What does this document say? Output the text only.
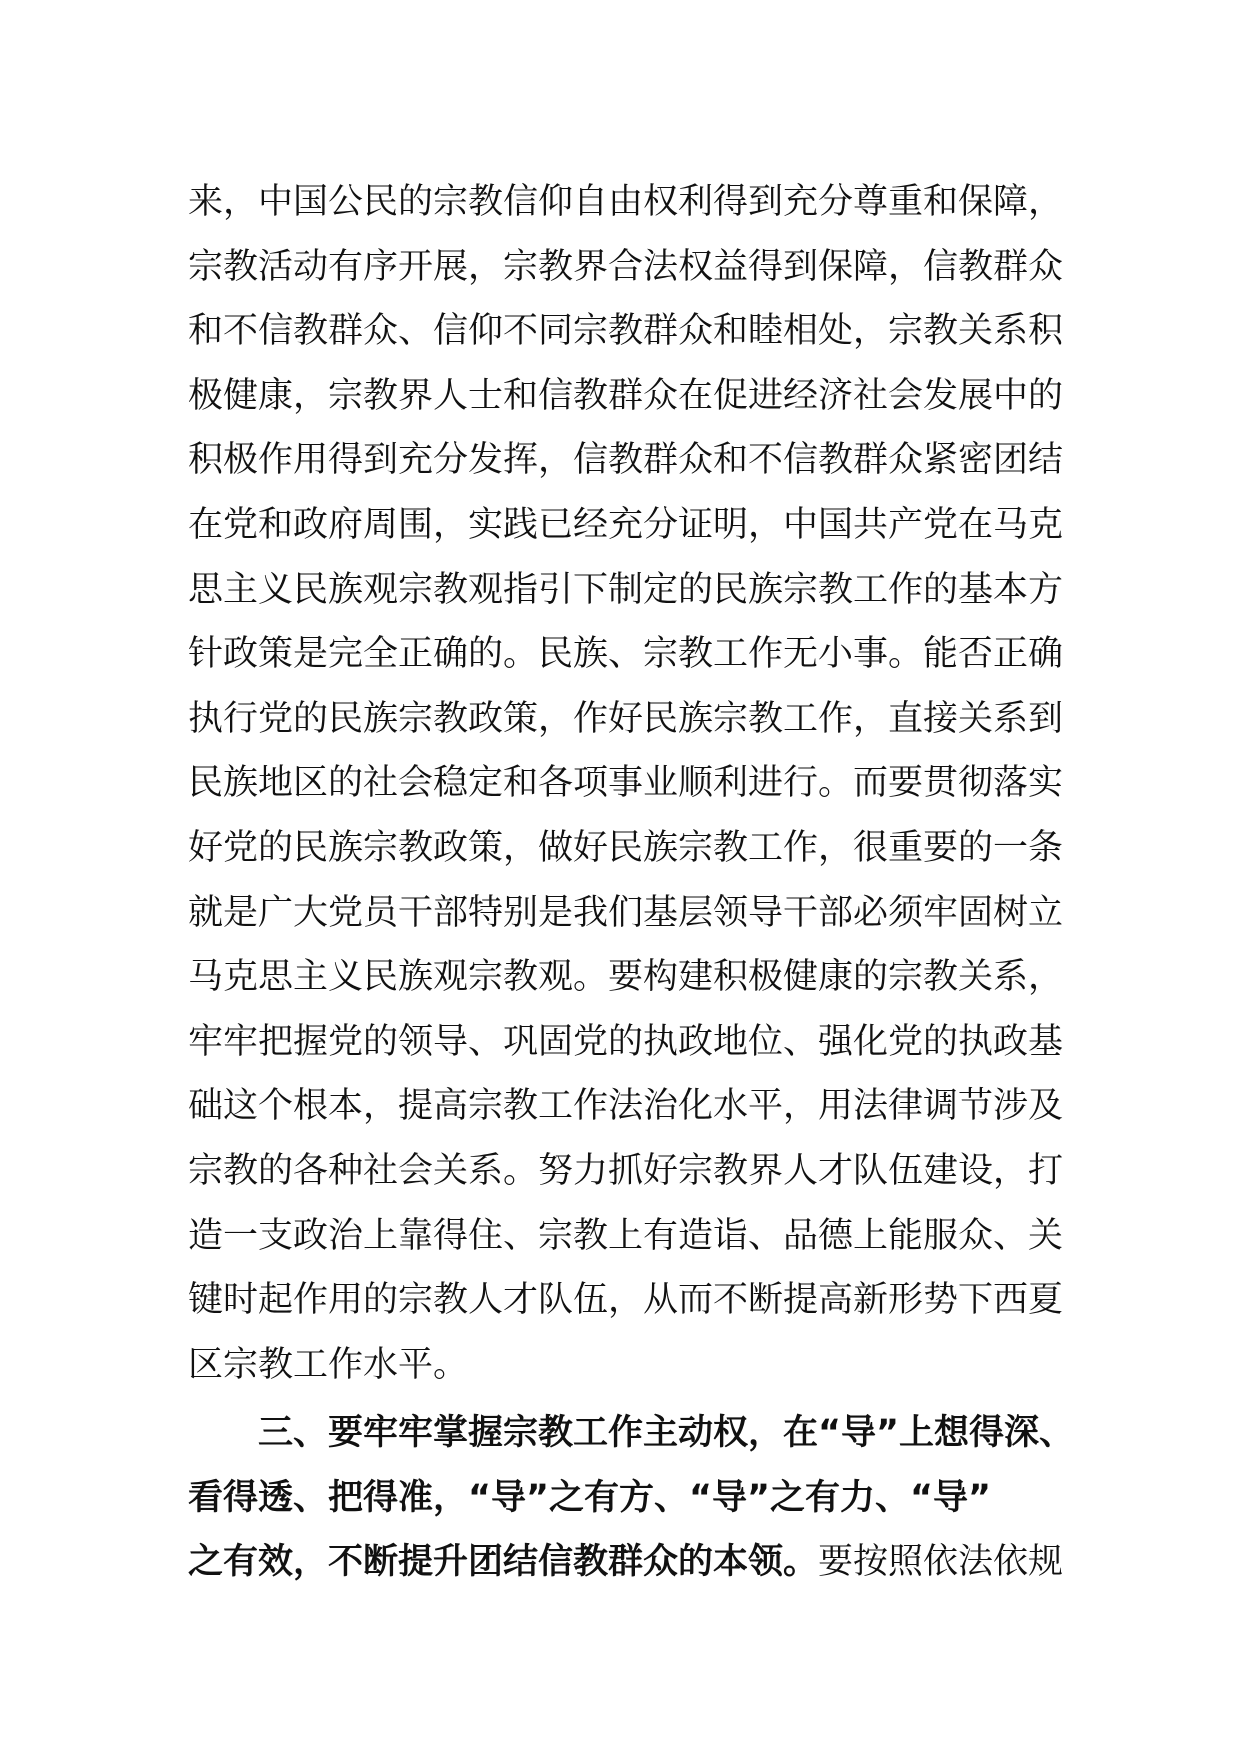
来，中国公民的宗教信仰自由权利得到充分尊重和保障，
宗教活动有序开展，宗教界合法权益得到保障，信教群众
和不信教群众、信仰不同宗教群众和睦相处，宗教关系积
极健康，宗教界人士和信教群众在促进经济社会发展中的
积极作用得到充分发挥，信教群众和不信教群众紧密团结
在党和政府周围，实践已经充分证明，中国共产党在马克
思主义民族观宗教观指引下制定的民族宗教工作的基本方
针政策是完全正确的。民族、宗教工作无小事。能否正确
执行党的民族宗教政策，作好民族宗教工作，直接关系到
民族地区的社会稳定和各项事业顺利进行。而要贯彻落实
好党的民族宗教政策，做好民族宗教工作，很重要的一条
就是广大党员干部特别是我们基层领导干部必须牢固树立
马克思主义民族观宗教观。要构建积极健康的宗教关系，
牢牢把握党的领导、巩固党的执政地位、强化党的执政基
础这个根本，提高宗教工作法治化水平，用法律调节涉及
宗教的各种社会关系。努力抓好宗教界人才队伍建设，打
造一支政治上靠得住、宗教上有造诣、品德上能服众、关
键时起作用的宗教人才队伍，从而不断提高新形势下西夏
区宗教工作水平。
　　三、要牢牢掌握宗教工作主动权，在“导”上想得深、
看得透、把得准，“导”之有方、“导”之有力、“导”
之有效，不断提升团结信教群众的本领。要按照依法依规
